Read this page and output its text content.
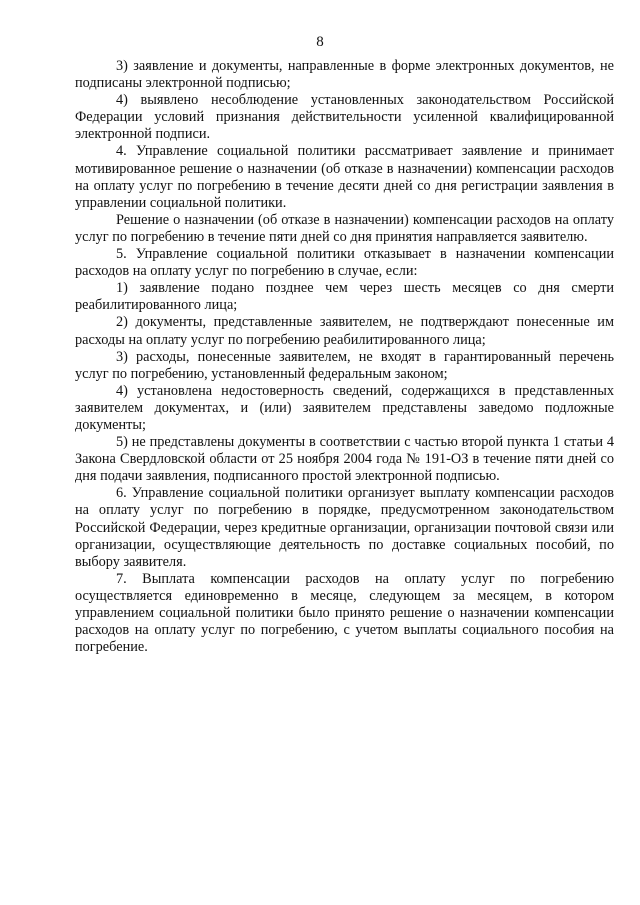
8

3) заявление и документы, направленные в форме электронных документов, не подписаны электронной подписью;

4) выявлено несоблюдение установленных законодательством Российской Федерации условий признания действительности усиленной квалифицированной электронной подписи.

4. Управление социальной политики рассматривает заявление и принимает мотивированное решение о назначении (об отказе в назначении) компенсации расходов на оплату услуг по погребению в течение десяти дней со дня регистрации заявления в управлении социальной политики.

Решение о назначении (об отказе в назначении) компенсации расходов на оплату услуг по погребению в течение пяти дней со дня принятия направляется заявителю.

5. Управление социальной политики отказывает в назначении компенсации расходов на оплату услуг по погребению в случае, если:

1) заявление подано позднее чем через шесть месяцев со дня смерти реабилитированного лица;

2) документы, представленные заявителем, не подтверждают понесенные им расходы на оплату услуг по погребению реабилитированного лица;

3) расходы, понесенные заявителем, не входят в гарантированный перечень услуг по погребению, установленный федеральным законом;

4) установлена недостоверность сведений, содержащихся в представленных заявителем документах, и (или) заявителем представлены заведомо подложные документы;

5) не представлены документы в соответствии с частью второй пункта 1 статьи 4 Закона Свердловской области от 25 ноября 2004 года № 191-ОЗ в течение пяти дней со дня подачи заявления, подписанного простой электронной подписью.

6. Управление социальной политики организует выплату компенсации расходов на оплату услуг по погребению в порядке, предусмотренном законодательством Российской Федерации, через кредитные организации, организации почтовой связи или организации, осуществляющие деятельность по доставке социальных пособий, по выбору заявителя.

7. Выплата компенсации расходов на оплату услуг по погребению осуществляется единовременно в месяце, следующем за месяцем, в котором управлением социальной политики было принято решение о назначении компенсации расходов на оплату услуг по погребению, с учетом выплаты социального пособия на погребение.
